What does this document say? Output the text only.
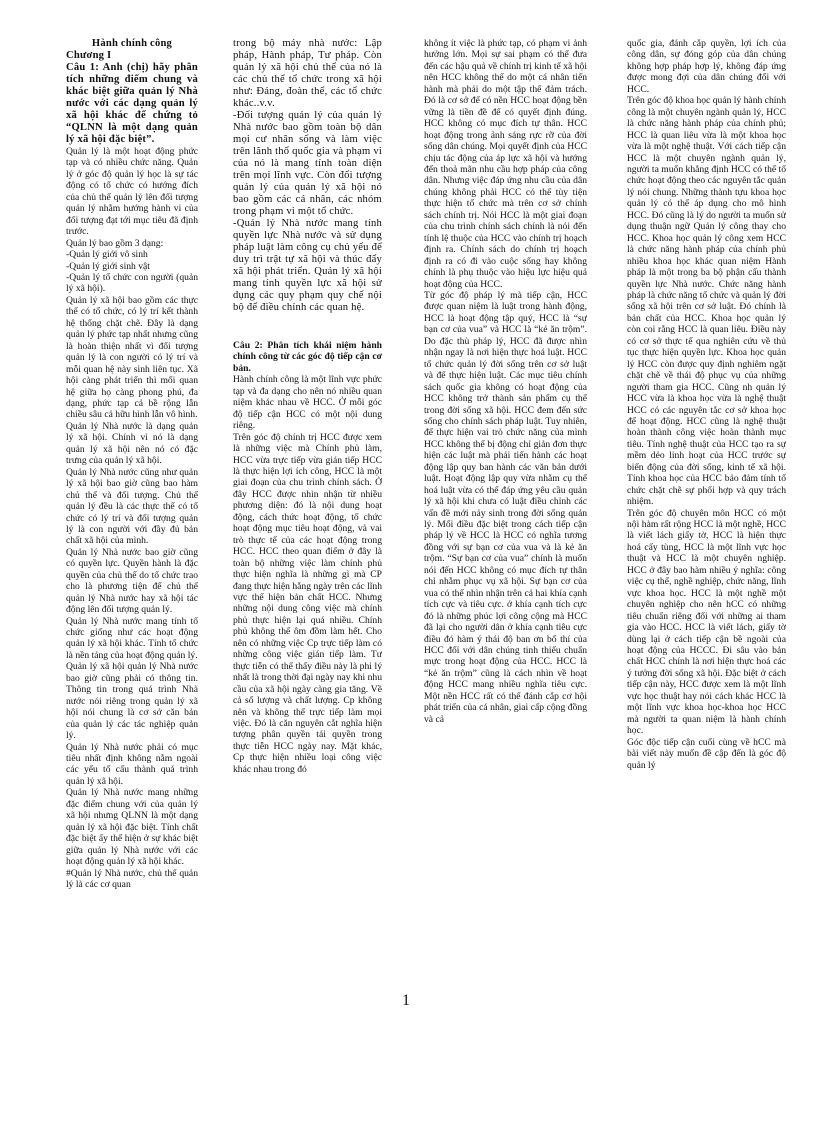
Hành chính công

Chương I

Câu 1: Anh (chị) hãy phân tích những điểm chung và khác biệt giữa quản lý Nhà nước với các dạng quản lý xã hội khác để chứng tỏ “QLNN là một dạng quản lý xã hội đặc biệt”.

Quản lý là một hoạt động phức tạp và có nhiều chức năng. Quản lý ở góc độ quản lý học là sự tác động có tổ chức có hướng đích của chủ thể quản lý lên đối tượng quản lý nhằm hướng hành vi của đối tượng đạt tới mục tiêu đã định trước.

Quản lý bao gồm 3 dạng:

-Quản lý giới vô sinh

-Quản lý giới sinh vật

-Quản lý tổ chức con người (quản lý xã hội).

Quản lý xã hội bao gồm các thực thể có tổ chức, có lý trí kết thành hệ thống chặt chẽ. Đây là dạng quản lý phức tạp nhất nhưng cũng là hoàn thiện nhất vì đối tượng quản lý là con người có lý trí và mỗi quan hệ này sinh liên tục. Xã hội càng phát triển thì mối quan hệ giữa họ càng phong phú, đa dạng, phức tạp cả bề rộng lẫn chiều sâu cả hữu hình lẫn vô hình.

Quản lý Nhà nước là dạng quản lý xã hội. Chính vì nó là dạng quản lý xã hội nên nó có đặc trưng của quản lý xã hội.

Quản lý Nhà nước cũng như quản lý xã hội bao giờ cũng bao hàm chủ thể và đối tượng. Chủ thể quản lý đều là các thực thể có tổ chức có lý trí và đối tượng quản lý là con người với đầy đủ bản chất xã hội của mình.

Quản lý Nhà nước bao giờ cũng có quyền lực. Quyền hành là đặc quyền của chủ thể do tổ chức trao cho là phương tiện để chủ thể quản lý Nhà nước hay xã hội tác động lên đối tượng quản lý.

Quản lý Nhà nước mang tính tổ chức giống như các hoạt động quản lý xã hội khác. Tính tổ chức là nền tảng của hoạt động quản lý.

Quản lý xã hội quản lý Nhà nước bao giờ cũng phải có thông tin. Thông tin trong quá trình Nhà nước nói riêng trong quản lý xã hội nói chung là cơ sở căn bản của quản lý các tác nghiệp quản lý.

Quản lý Nhà nước phải có mục tiêu nhất định không nằm ngoài các yếu tố cấu thành quá trình quản lý xã hội.

Quản lý Nhà nước mang những đặc điểm chung với của quản lý xã hội nhưng QLNN là một dạng quản lý xã hội đặc biệt. Tính chất đặc biệt ấy thể hiện ở sự khác biệt giữa quản lý Nhà nước với các hoạt động quản lý xã hội khác.

#Quản lý Nhà nước, chủ thể quản lý là các cơ quan

trong bộ máy nhà nước: Lập pháp, Hành pháp, Tư pháp. Còn quản lý xã hội chủ thể của nó là các chủ thể tổ chức trong xã hội như: Đảng, đoàn thể, các tổ chức khác..v.v.

-Đối tượng quản lý của quản lý Nhà nước bao gồm toàn bộ dân mọi cư nhân sống và làm việc trên lãnh thổ quốc gia và phạm vi của nó là mang tính toàn diện trên mọi lĩnh vực. Còn đối tượng quản lý của quản lý xã hội nó bao gồm các cá nhân, các nhóm trong phạm vi một tổ chức.

-Quản lý Nhà nước mang tính quyền lực Nhà nước và sử dụng pháp luật làm công cụ chủ yếu để duy trì trật tự xã hội và thúc đẩy xã hội phát triển. Quản lý xã hội mang tính quyền lực xã hội sử dụng các quy phạm quy chế nội bộ để điều chỉnh các quan hệ.

Câu 2: Phân tích khái niệm hành chính công từ các góc độ tiếp cận cơ bản.

Hành chính công là một lĩnh vực phức tạp và đa dạng cho nên nó nhiều quan niệm khác nhau về HCC. Ở mỗi góc độ tiếp cận HCC có một nội dung riêng.

Trên góc độ chính trị HCC được xem là những việc mà Chính phủ làm, HCC vừa trực tiếp vừa gián tiếp HCC là thực hiện lợi ích công, HCC là một giai đoạn của chu trình chính sách. Ở đây HCC được nhìn nhận từ nhiều phương diện: đó là nội dung hoạt động, cách thức hoạt động, tổ chức hoạt động mục tiêu hoạt động, và vai trò thực tế của các hoạt động trong HCC. HCC theo quan điểm ở đây là toàn bộ những việc làm chính phủ thực hiện nghĩa là những gì mà CP đang thực hiện hằng ngày trên các lĩnh vực thể hiện bản chất HCC. Nhưng những nội dung công việc mà chính phủ thực hiện lại quá nhiều. Chính phủ không thể ôm đồm làm hết. Cho nên có những việc Cp trực tiếp làm có những công việc gián tiếp làm. Tư thực tiễn có thể thấy điều này là phi lý nhất là trong thời đại ngày nay khi nhu cầu của xã hội ngày càng gia tăng. Về cả số lượng và chất lượng. Cp không nên và không thể trực tiếp làm mọi việc. Đó là căn nguyên cắt nghĩa hiện tượng phân quyền tái quyền trong thực tiễn HCC ngày nay. Mặt khác, Cp thực hiện nhiều loại công việc khác nhau trong đó

không ít việc là phức tạp, có phạm vi ảnh hưởng lớn. Mọi sự sai phạm có thể đưa đến các hậu quả về chính trị kinh tế xã hội nên HCC không thể do một cá nhân tiến hành mà phải do một tập thể đảm trách. Đó là cơ sở để có nền HCC hoạt động bền vững là tiền đề để có quyết định đúng. HCC không có mục đích tự thân. HCC hoạt động trong ảnh sáng rực rỡ của đời sống dân chúng. Mọi quyết định của HCC chịu tác động của áp lực xã hội và hướng đến thoả mãn nhu cầu hợp pháp của công dân. Nhưng việc đáp ứng nhu cầu của dân chúng không phải HCC có thể tùy tiện thực hiện tổ chức mà trên cơ sở chính sách chính trị. Nói HCC là một giai đoạn của chu trình chính sách chính là nói đến tính lệ thuộc của HCC vào chính trị hoạch định ra. Chính sách do chính trị hoạch định ra có đi vào cuộc sống hay không chính là phụ thuộc vào hiệu lực hiệu quả hoạt động của HCC.

Từ góc độ pháp lý mà tiếp cận, HCC được quan niệm là luật trong hành động, HCC là hoạt động tập quý, HCC là “sự bạn cơ của vua” và HCC là “kẻ ăn trộm”. Do đặc thù pháp lý, HCC đã được nhìn nhận ngay là nơi hiện thực hoá luật. HCC tổ chức quản lý đời sống trên cơ sở luật và để thực hiện luật. Các mục tiêu chính sách quốc gia không có hoạt động của HCC không trở thành sản phẩm cụ thể trong đời sống xã hội. HCC đem đến sức sống cho chính sách pháp luật. Tuy nhiên, để thực hiện vai trò chức năng của mình HCC không thể bị động chỉ giản đơn thực hiện các luật mà phải tiến hành các hoạt động lập quy ban hành các văn bản dưới luật. Hoạt động lập quy vừa nhằm cụ thể hoá luật vừa có thể đáp ứng yêu cầu quản lý xã hội khi chưa có luật điều chỉnh các vấn đề mới nảy sinh trong đời sống quản lý. Mối điều đặc biệt trong cách tiếp cận pháp lý về HCC là HCC có nghĩa tương đồng với sự bạn cơ của vua và là kẻ ăn trộm. “Sự bạn cơ của vua” chính là muốn nói đến HCC không có mục đích tự thân chỉ nhằm phục vụ xã hội. Sự bạn cơ của vua có thể nhìn nhận trên cả hai khía cạnh tích cực và tiêu cực. ở khía cạnh tích cực đó là những phúc lợi công cộng mà HCC đã lại cho người dân ở khía cạnh tiêu cực điều đó hàm ý thái độ ban ơn bố thí của HCC đối với dân chúng tinh thiếu chuẩn mực trong hoạt động của HCC. HCC là “kẻ ăn trộm” cũng là cách nhìn về hoạt động HCC mang nhiều nghĩa tiêu cực. Một nền HCC rất có thể đánh cắp cơ hội phát triển của cá nhân, giai cấp cộng đồng và cả

quốc gia, đánh cắp quyền, lợi ích của công dân, sự đóng góp của dân chúng không hợp pháp hợp lý, không đáp ứng được mong đợi của dân chúng đối với HCC.

Trên góc độ khoa học quản lý hành chính công là một chuyên ngành quản lý, HCC là chức năng hành pháp của chính phủ; HCC là quan liêu vừa là một khoa học vừa là một nghệ thuật. Với cách tiếp cận HCC là một chuyên ngành quản lý, người ta muốn khẳng định HCC có thể tổ chức hoạt động theo các nguyên tắc quản lý nói chung. Những thành tựu khoa học quản lý có thể áp dụng cho mô hình HCC. Đó cũng là lý do người ta muốn sử dụng thuận ngữ Quản lý công thay cho HCC. Khoa học quản lý công xem HCC là chức năng hành pháp của chính phủ nhiều khoa học khác quan niệm Hành pháp là một trong ba bộ phận cấu thành quyền lực Nhà nước. Chức năng hành pháp là chức năng tổ chức và quản lý đời sống xã hội trên cơ sở luật. Đó chính là bản chất của HCC. Khoa học quản lý còn coi rằng HCC là quan liêu. Điều này có cơ sở thực tế qua nghiên cứu về thủ tục thực hiện quyền lực. Khoa học quản lý HCC còn được quy định nghiêm ngặt chặt chẽ về thái độ phục vụ của những người tham gia HCC. Cũng nh quản lý HCC vừa là khoa học vừa là nghệ thuật HCC có các nguyên tắc cơ sở khoa học để hoạt động. HCC cũng là nghệ thuật hoàn thành công việc hoàn thành mục tiêu. Tính nghệ thuật của HCC tạo ra sự mềm dẻo linh hoạt của HCC trước sự biến động của đời sống, kinh tế xã hội. Tính khoa học của HCC bảo đảm tính tổ chức chặt chẽ sự phối hợp và quy trách nhiệm.

Trên góc độ chuyên môn HCC có một nội hàm rất rộng HCC là một nghề, HCC là viết lách giấy tờ, HCC là hiện thực hoá cấy tùng, HCC là một lĩnh vực học thuật và HCC là một chuyên nghiệp. HCC ở đây bao hàm nhiều ý nghĩa: công việc cụ thể, nghề nghiệp, chức năng, lĩnh vực khoa học. HCC là một nghề một chuyên nghiệp cho nên hCC có những tiêu chuẩn riêng đối với những ai tham gia vào HCC. HCC là viết lách, giấy tờ dùng lại ở cách tiếp cận bề ngoài của hoạt động của HCCC. Đi sâu vào bản chất HCC chính là nơi hiện thực hoá các ý tưởng đời sống xã hội. Đặc biệt ở cách tiếp cận này, HCC được xem là một lĩnh vực học thuật hay nói cách khác HCC là một lĩnh vực khoa học-khoa học HCC mà người ta quan niệm là hành chính học.

Góc độc tiếp cận cuối cùng về hCC mà bài viết này muốn đề cập đến là góc độ quản lý

1
